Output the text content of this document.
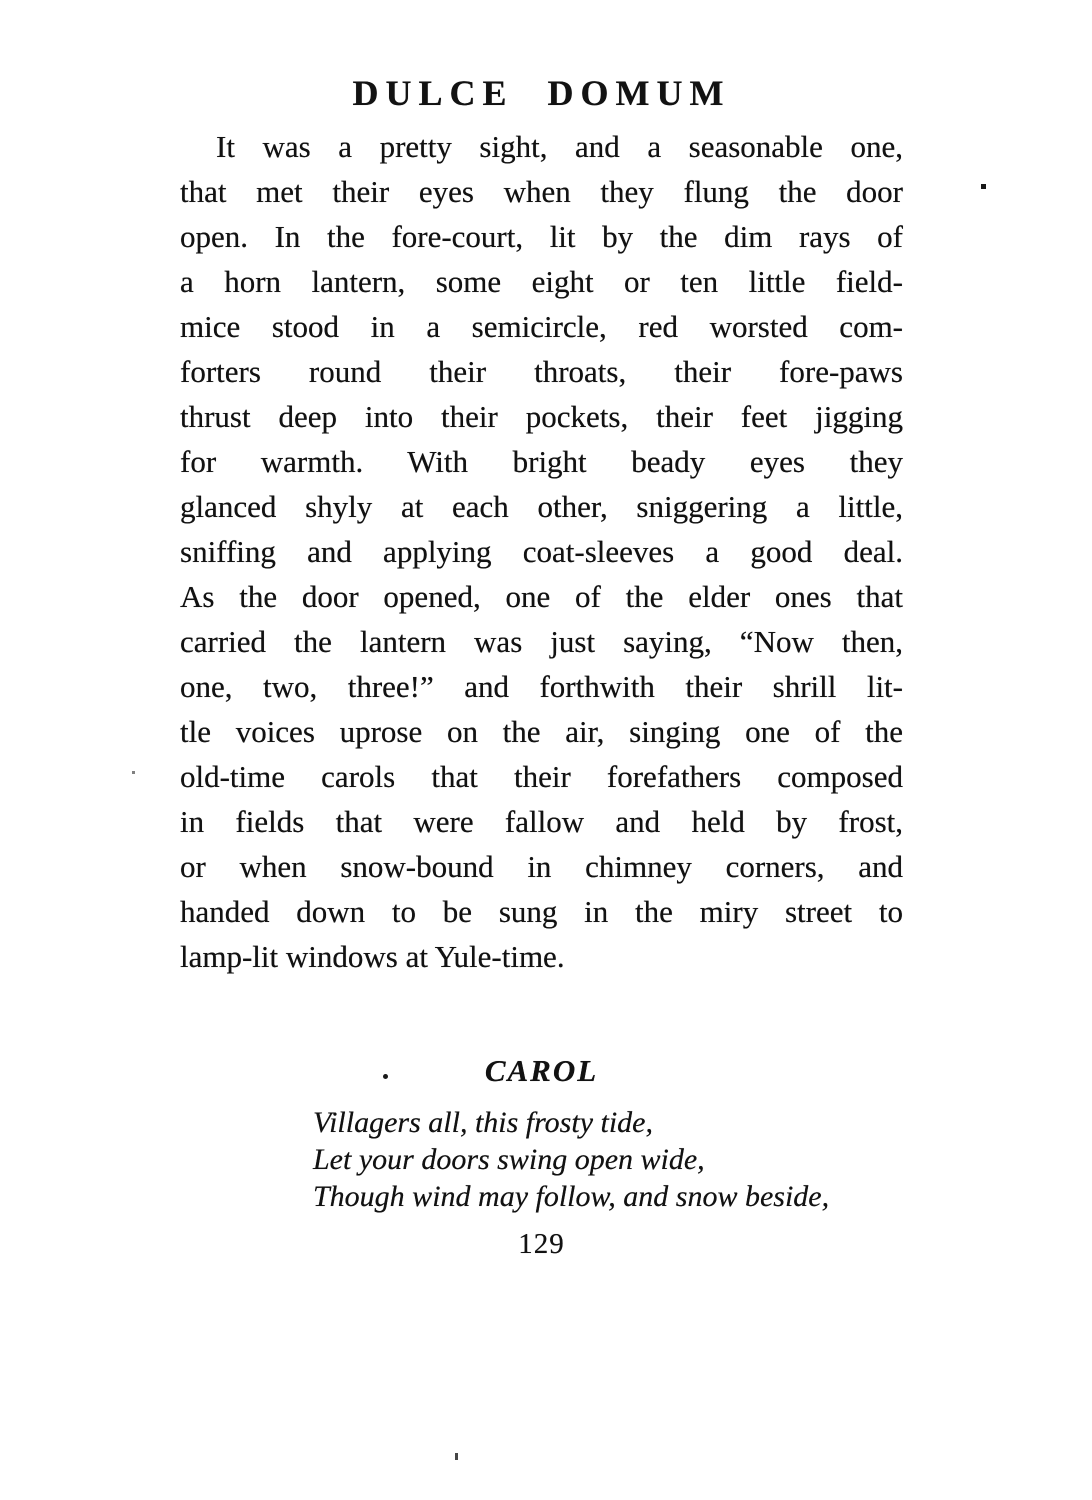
DULCE DOMUM
It was a pretty sight, and a seasonable one,
that met their eyes when they flung the door
open. In the fore-court, lit by the dim rays of
a horn lantern, some eight or ten little field-
mice stood in a semicircle, red worsted com-
forters round their throats, their fore-paws
thrust deep into their pockets, their feet jigging
for warmth. With bright beady eyes they
glanced shyly at each other, sniggering a little,
sniffing and applying coat-sleeves a good deal.
As the door opened, one of the elder ones that
carried the lantern was just saying, “Now then,
one, two, three!” and forthwith their shrill lit-
tle voices uprose on the air, singing one of the
old-time carols that their forefathers composed
in fields that were fallow and held by frost,
or when snow-bound in chimney corners, and
handed down to be sung in the miry street to
lamp-lit windows at Yule-time.
CAROL
Villagers all, this frosty tide,
Let your doors swing open wide,
Though wind may follow, and snow beside,
129
